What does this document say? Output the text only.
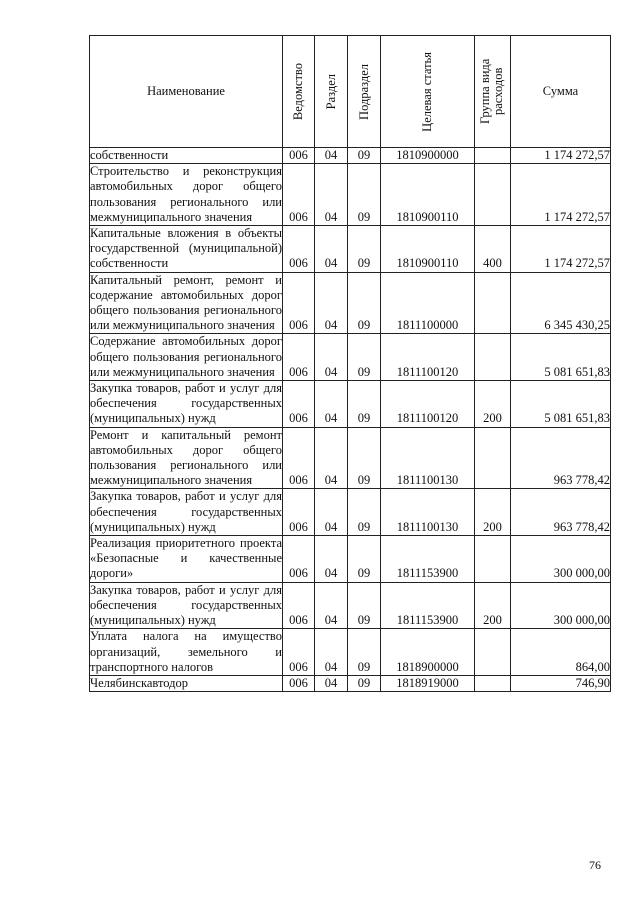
Наименование	Ведомство	Раздел	Подраздел	Целевая статья	Группа вида расходов	Сумма
собственности	006	04	09	1810900000		1 174 272,57
Строительство и реконструкция автомобильных дорог общего пользования регионального или межмуниципального значения	006	04	09	1810900110		1 174 272,57
Капитальные вложения в объекты государственной (муниципальной) собственности	006	04	09	1810900110	400	1 174 272,57
Капитальный ремонт, ремонт и содержание автомобильных дорог общего пользования регионального или межмуниципального значения	006	04	09	1811100000		6 345 430,25
Содержание автомобильных дорог общего пользования регионального или межмуниципального значения	006	04	09	1811100120		5 081 651,83
Закупка товаров, работ и услуг для обеспечения государственных (муниципальных) нужд	006	04	09	1811100120	200	5 081 651,83
Ремонт и капитальный ремонт автомобильных дорог общего пользования регионального или межмуниципального значения	006	04	09	1811100130		963 778,42
Закупка товаров, работ и услуг для обеспечения государственных (муниципальных) нужд	006	04	09	1811100130	200	963 778,42
Реализация приоритетного проекта «Безопасные и качественные дороги»	006	04	09	1811153900		300 000,00
Закупка товаров, работ и услуг для обеспечения государственных (муниципальных) нужд	006	04	09	1811153900	200	300 000,00
Уплата налога на имущество организаций, земельного и транспортного налогов	006	04	09	1818900000		864,00
Челябинскавтодор	006	04	09	1818919000		746,90
76
